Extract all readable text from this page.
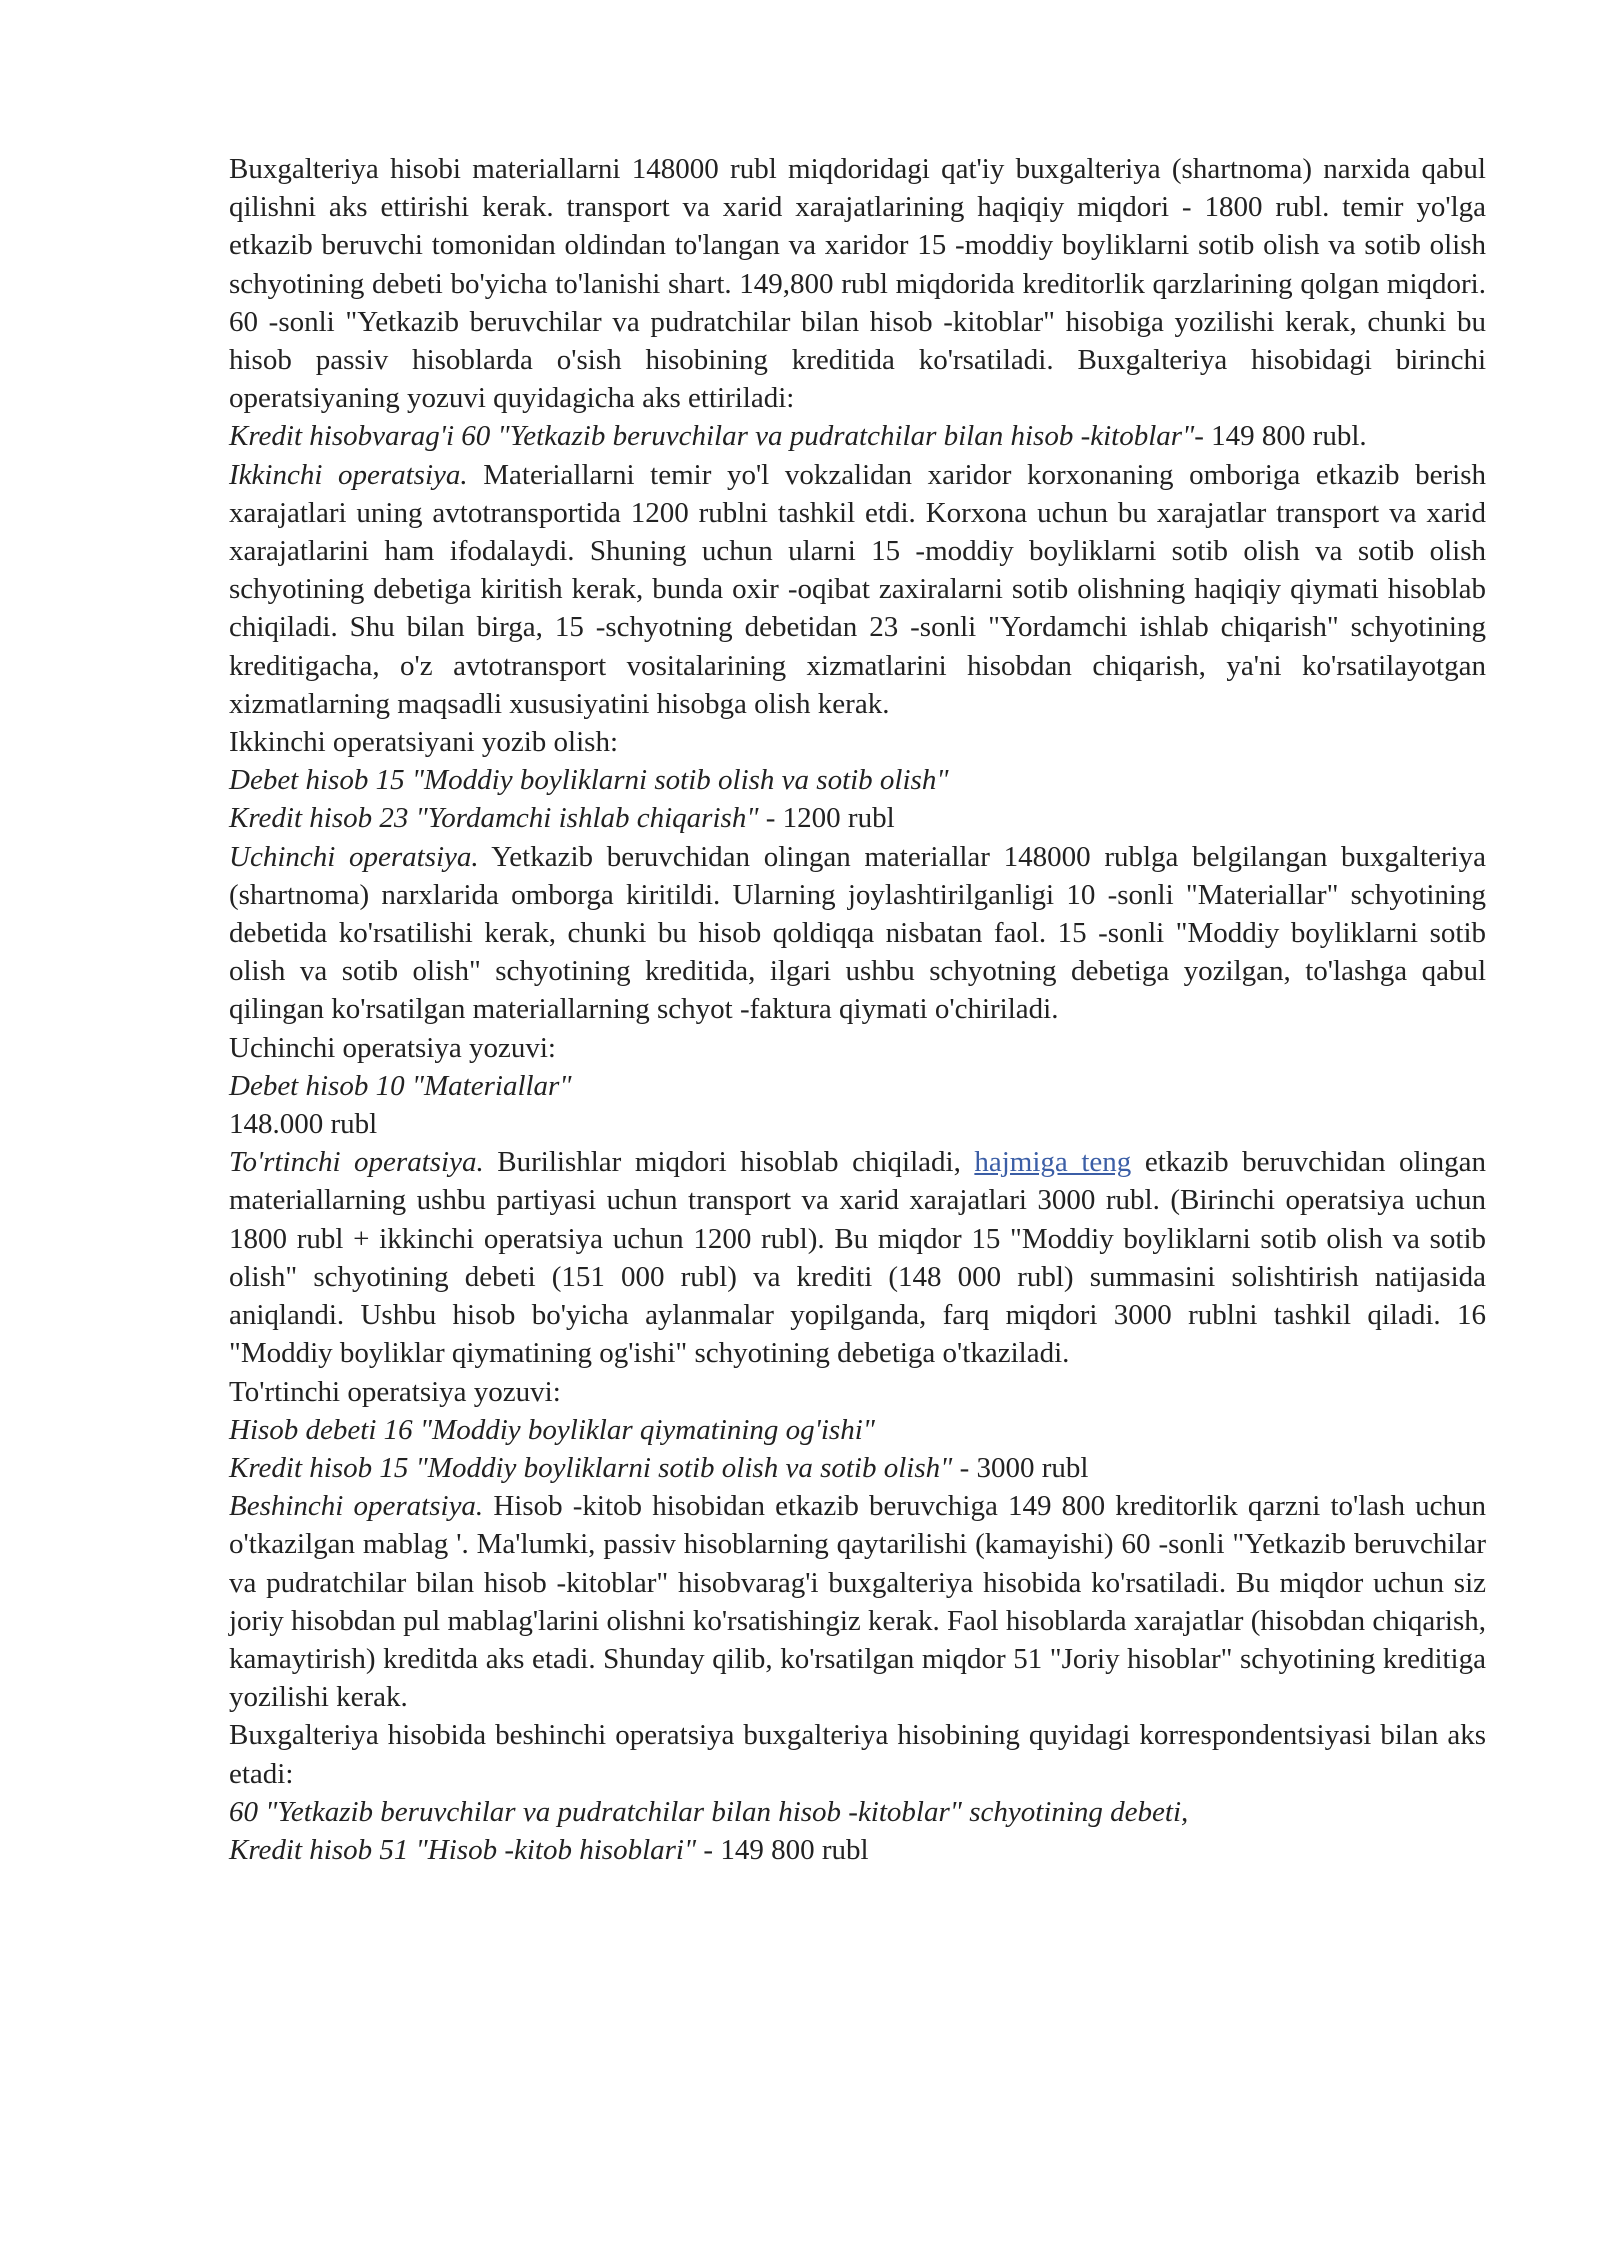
Buxgalteriya hisobi materiallarni 148000 rubl miqdoridagi qat'iy buxgalteriya (shartnoma) narxida qabul qilishni aks ettirishi kerak. transport va xarid xarajatlarining haqiqiy miqdori - 1800 rubl. temir yo'lga etkazib beruvchi tomonidan oldindan to'langan va xaridor 15 -moddiy boyliklarni sotib olish va sotib olish schyotining debeti bo'yicha to'lanishi shart. 149,800 rubl miqdorida kreditorlik qarzlarining qolgan miqdori. 60 -sonli "Yetkazib beruvchilar va pudratchilar bilan hisob -kitoblar" hisobiga yozilishi kerak, chunki bu hisob passiv hisoblarda o'sish hisobining kreditida ko'rsatiladi. Buxgalteriya hisobidagi birinchi operatsiyaning yozuvi quyidagicha aks ettiriladi:

Kredit hisobvarag'i 60 "Yetkazib beruvchilar va pudratchilar bilan hisob -kitoblar"- 149 800 rubl.

Ikkinchi operatsiya. Materiallarni temir yo'l vokzalidan xaridor korxonaning omboriga etkazib berish xarajatlari uning avtotransportida 1200 rublni tashkil etdi. Korxona uchun bu xarajatlar transport va xarid xarajatlarini ham ifodalaydi. Shuning uchun ularni 15 -moddiy boyliklarni sotib olish va sotib olish schyotining debetiga kiritish kerak, bunda oxir -oqibat zaxiralarni sotib olishning haqiqiy qiymati hisoblab chiqiladi. Shu bilan birga, 15 -schyotning debetidan 23 -sonli "Yordamchi ishlab chiqarish" schyotining kreditigacha, o'z avtotransport vositalarining xizmatlarini hisobdan chiqarish, ya'ni ko'rsatilayotgan xizmatlarning maqsadli xususiyatini hisobga olish kerak.

Ikkinchi operatsiyani yozib olish:

Debet hisob 15 "Moddiy boyliklarni sotib olish va sotib olish"

Kredit hisob 23 "Yordamchi ishlab chiqarish" - 1200 rubl

Uchinchi operatsiya. Yetkazib beruvchidan olingan materiallar 148000 rublga belgilangan buxgalteriya (shartnoma) narxlarida omborga kiritildi. Ularning joylashtirilganligi 10 -sonli "Materiallar" schyotining debetida ko'rsatilishi kerak, chunki bu hisob qoldiqqa nisbatan faol. 15 -sonli "Moddiy boyliklarni sotib olish va sotib olish" schyotining kreditida, ilgari ushbu schyotning debetiga yozilgan, to'lashga qabul qilingan ko'rsatilgan materiallarning schyot -faktura qiymati o'chiriladi.

Uchinchi operatsiya yozuvi:

Debet hisob 10 "Materiallar"

148.000 rubl

To'rtinchi operatsiya. Burilishlar miqdori hisoblab chiqiladi, hajmiga teng etkazib beruvchidan olingan materiallarning ushbu partiyasi uchun transport va xarid xarajatlari 3000 rubl. (Birinchi operatsiya uchun 1800 rubl + ikkinchi operatsiya uchun 1200 rubl). Bu miqdor 15 "Moddiy boyliklarni sotib olish va sotib olish" schyotining debeti (151 000 rubl) va krediti (148 000 rubl) summasini solishtirish natijasida aniqlandi. Ushbu hisob bo'yicha aylanmalar yopilganda, farq miqdori 3000 rublni tashkil qiladi. 16 "Moddiy boyliklar qiymatining og'ishi" schyotining debetiga o'tkaziladi.

To'rtinchi operatsiya yozuvi:

Hisob debeti 16 "Moddiy boyliklar qiymatining og'ishi"

Kredit hisob 15 "Moddiy boyliklarni sotib olish va sotib olish" - 3000 rubl

Beshinchi operatsiya. Hisob -kitob hisobidan etkazib beruvchiga 149 800 kreditorlik qarzni to'lash uchun o'tkazilgan mablag '. Ma'lumki, passiv hisoblarning qaytarilishi (kamayishi) 60 -sonli "Yetkazib beruvchilar va pudratchilar bilan hisob -kitoblar" hisobvarag'i buxgalteriya hisobida ko'rsatiladi. Bu miqdor uchun siz joriy hisobdan pul mablag'larini olishni ko'rsatishingiz kerak. Faol hisoblarda xarajatlar (hisobdan chiqarish, kamaytirish) kreditda aks etadi. Shunday qilib, ko'rsatilgan miqdor 51 "Joriy hisoblar" schyotining kreditiga yozilishi kerak.

Buxgalteriya hisobida beshinchi operatsiya buxgalteriya hisobining quyidagi korrespondentsiyasi bilan aks etadi:

60 "Yetkazib beruvchilar va pudratchilar bilan hisob -kitoblar" schyotining debeti,

Kredit hisob 51 "Hisob -kitob hisoblari" - 149 800 rubl
